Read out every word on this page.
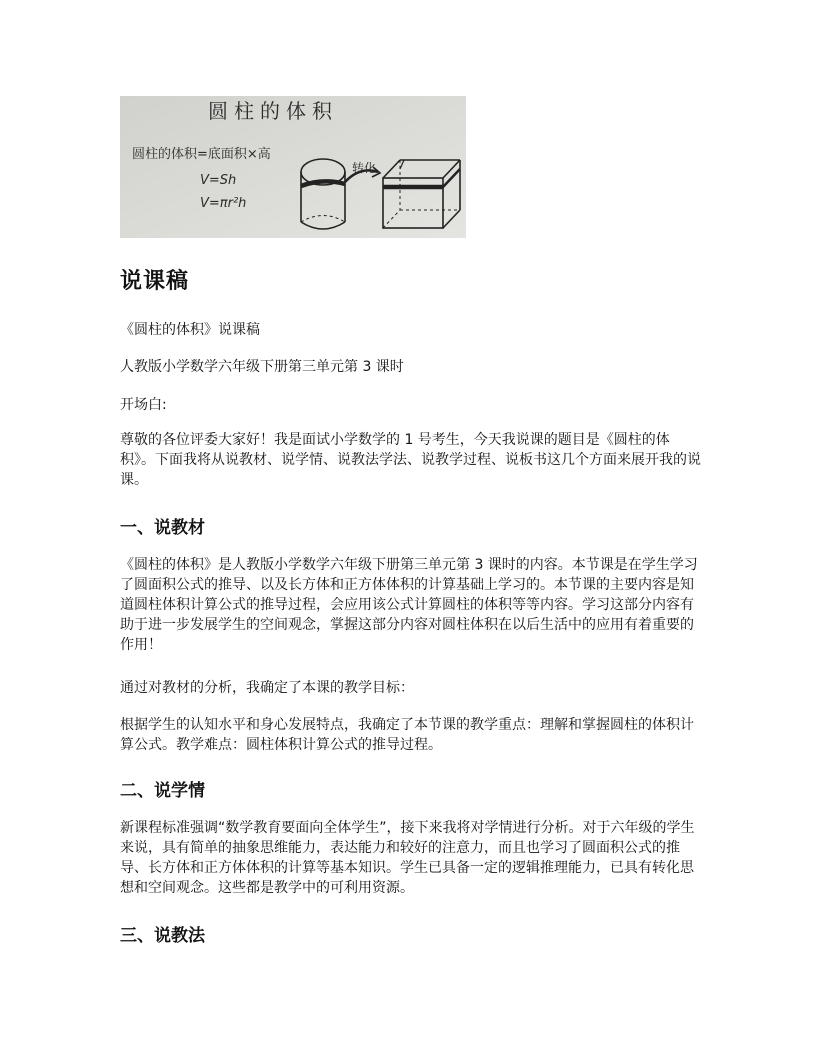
圆柱的体积
圆柱的体积=底面积×高
V=Sh
V=πr²h
转化
说课稿

《圆柱的体积》说课稿

人教版小学数学六年级下册第三单元第 3 课时

开场白:

尊敬的各位评委大家好！我是面试小学数学的 1 号考生，今天我说课的题目是《圆柱的体积》。下面我将从说教材、说学情、说教法学法、说教学过程、说板书这几个方面来展开我的说课。

一、说教材

《圆柱的体积》是人教版小学数学六年级下册第三单元第 3 课时的内容。本节课是在学生学习了圆面积公式的推导、以及长方体和正方体体积的计算基础上学习的。本节课的主要内容是知道圆柱体积计算公式的推导过程，会应用该公式计算圆柱的体积等等内容。学习这部分内容有助于进一步发展学生的空间观念，掌握这部分内容对圆柱体积在以后生活中的应用有着重要的作用！

通过对教材的分析，我确定了本课的教学目标：

根据学生的认知水平和身心发展特点，我确定了本节课的教学重点：理解和掌握圆柱的体积计算公式。教学难点：圆柱体积计算公式的推导过程。

二、说学情

新课程标准强调“数学教育要面向全体学生”，接下来我将对学情进行分析。对于六年级的学生来说，具有简单的抽象思维能力，表达能力和较好的注意力，而且也学习了圆面积公式的推导、长方体和正方体体积的计算等基本知识。学生已具备一定的逻辑推理能力，已具有转化思想和空间观念。这些都是教学中的可利用资源。

三、说教法
